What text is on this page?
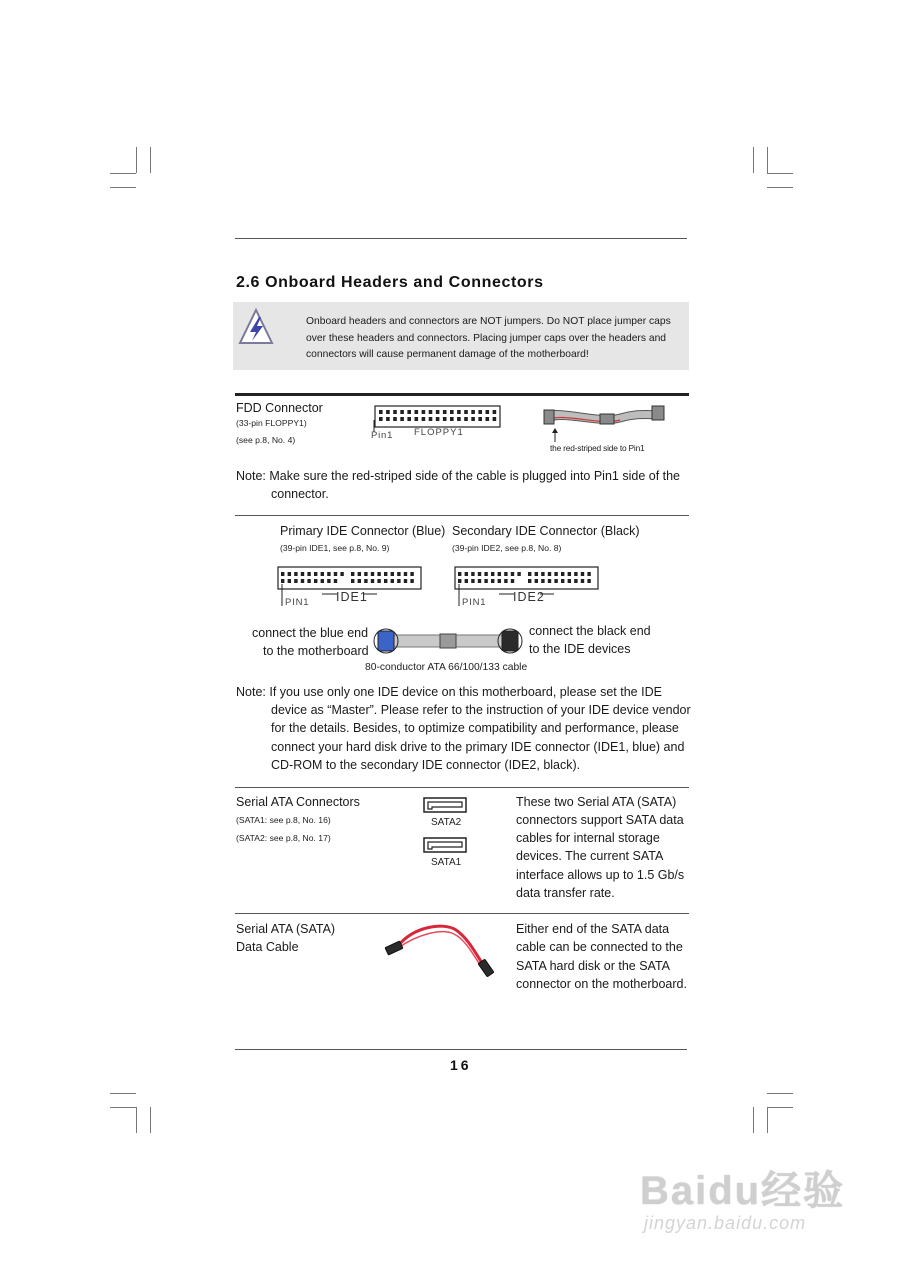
2.6 Onboard Headers and Connectors
Onboard headers and connectors are NOT jumpers. Do NOT place jumper caps over these headers and connectors. Placing jumper caps over the headers and connectors will cause permanent damage of the motherboard!
FDD Connector
(33-pin FLOPPY1)
(see p.8, No. 4)	Pin1 FLOPPY1
the red-striped side to Pin1
Note: Make sure the red-striped side of the cable is plugged into Pin1 side of the
connector.
Primary IDE Connector (Blue)
(39-pin IDE1, see p.8, No. 9)
Secondary IDE Connector (Black)
(39-pin IDE2, see p.8, No. 8)
PIN1 IDE1	PIN1 IDE2
connect the blue end
to the motherboard
connect the black end
to the IDE devices
80-conductor ATA 66/100/133 cable
Note: If you use only one IDE device on this motherboard, please set the IDE
device as “Master”. Please refer to the instruction of your IDE device vendor
for the details. Besides, to optimize compatibility and performance, please
connect your hard disk drive to the primary IDE connector (IDE1, blue) and
CD-ROM to the secondary IDE connector (IDE2, black).
Serial ATA Connectors
(SATA1: see p.8, No. 16)
(SATA2: see p.8, No. 17)
SATA2
SATA1
These two Serial ATA (SATA)
connectors support SATA data
cables for internal storage
devices. The current SATA
interface allows up to 1.5 Gb/s
data transfer rate.
Serial ATA (SATA)
Data Cable
Either end of the SATA data
cable can be connected to the
SATA hard disk or the SATA
connector on the motherboard.
16
Baidu经验
jingyan.baidu.com
